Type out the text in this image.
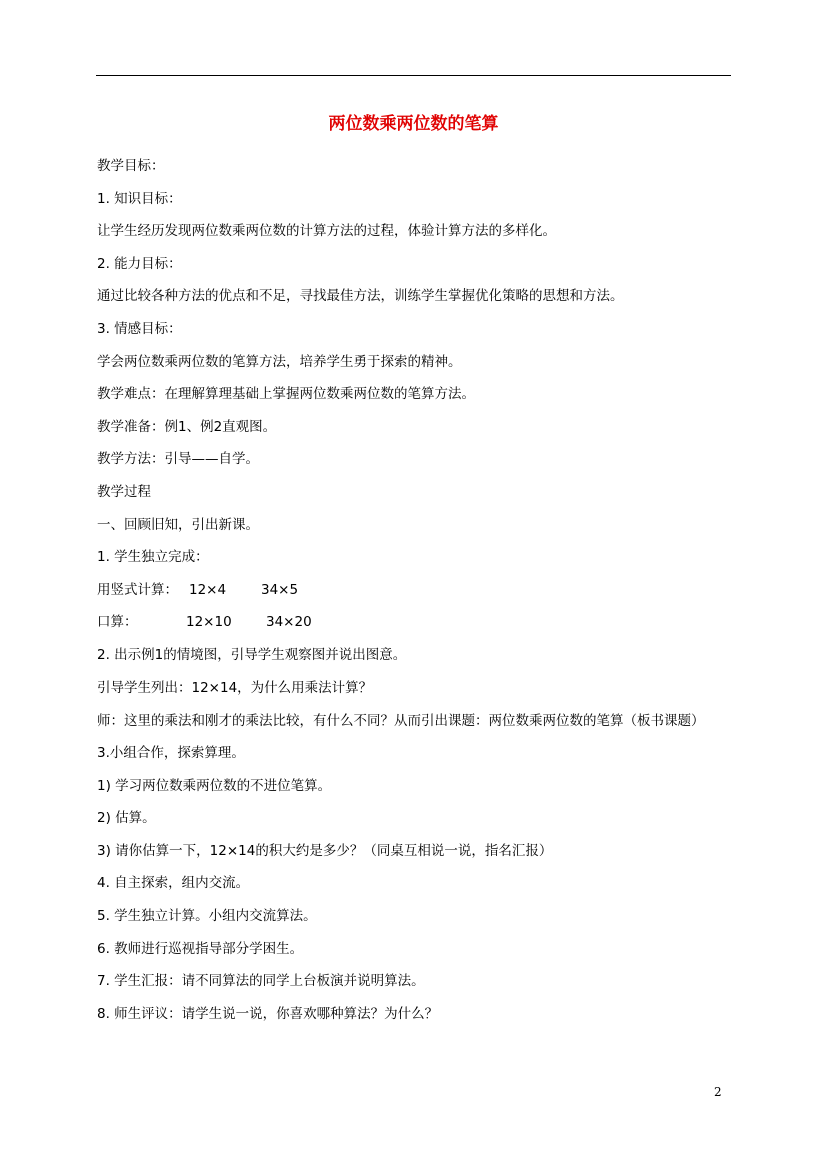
两位数乘两位数的笔算
教学目标：
1. 知识目标：
让学生经历发现两位数乘两位数的计算方法的过程，体验计算方法的多样化。
2. 能力目标：
通过比较各种方法的优点和不足，寻找最佳方法，训练学生掌握优化策略的思想和方法。
3. 情感目标：
学会两位数乘两位数的笔算方法，培养学生勇于探索的精神。
教学难点：在理解算理基础上掌握两位数乘两位数的笔算方法。
教学准备：例1、例2直观图。
教学方法：引导——自学。
教学过程
一、回顾旧知，引出新课。
1. 学生独立完成：
用竖式计算： 12×4	34×5
口算：	12×10	34×20
2. 出示例1的情境图，引导学生观察图并说出图意。
引导学生列出：12×14，为什么用乘法计算？
师：这里的乘法和刚才的乘法比较，有什么不同？从而引出课题：两位数乘两位数的笔算（板书课题）
3.小组合作，探索算理。
1) 学习两位数乘两位数的不进位笔算。
2) 估算。
3) 请你估算一下，12×14的积大约是多少？（同桌互相说一说，指名汇报）
4. 自主探索，组内交流。
5. 学生独立计算。小组内交流算法。
6. 教师进行巡视指导部分学困生。
7. 学生汇报：请不同算法的同学上台板演并说明算法。
8. 师生评议：请学生说一说，你喜欢哪种算法？为什么？
2
